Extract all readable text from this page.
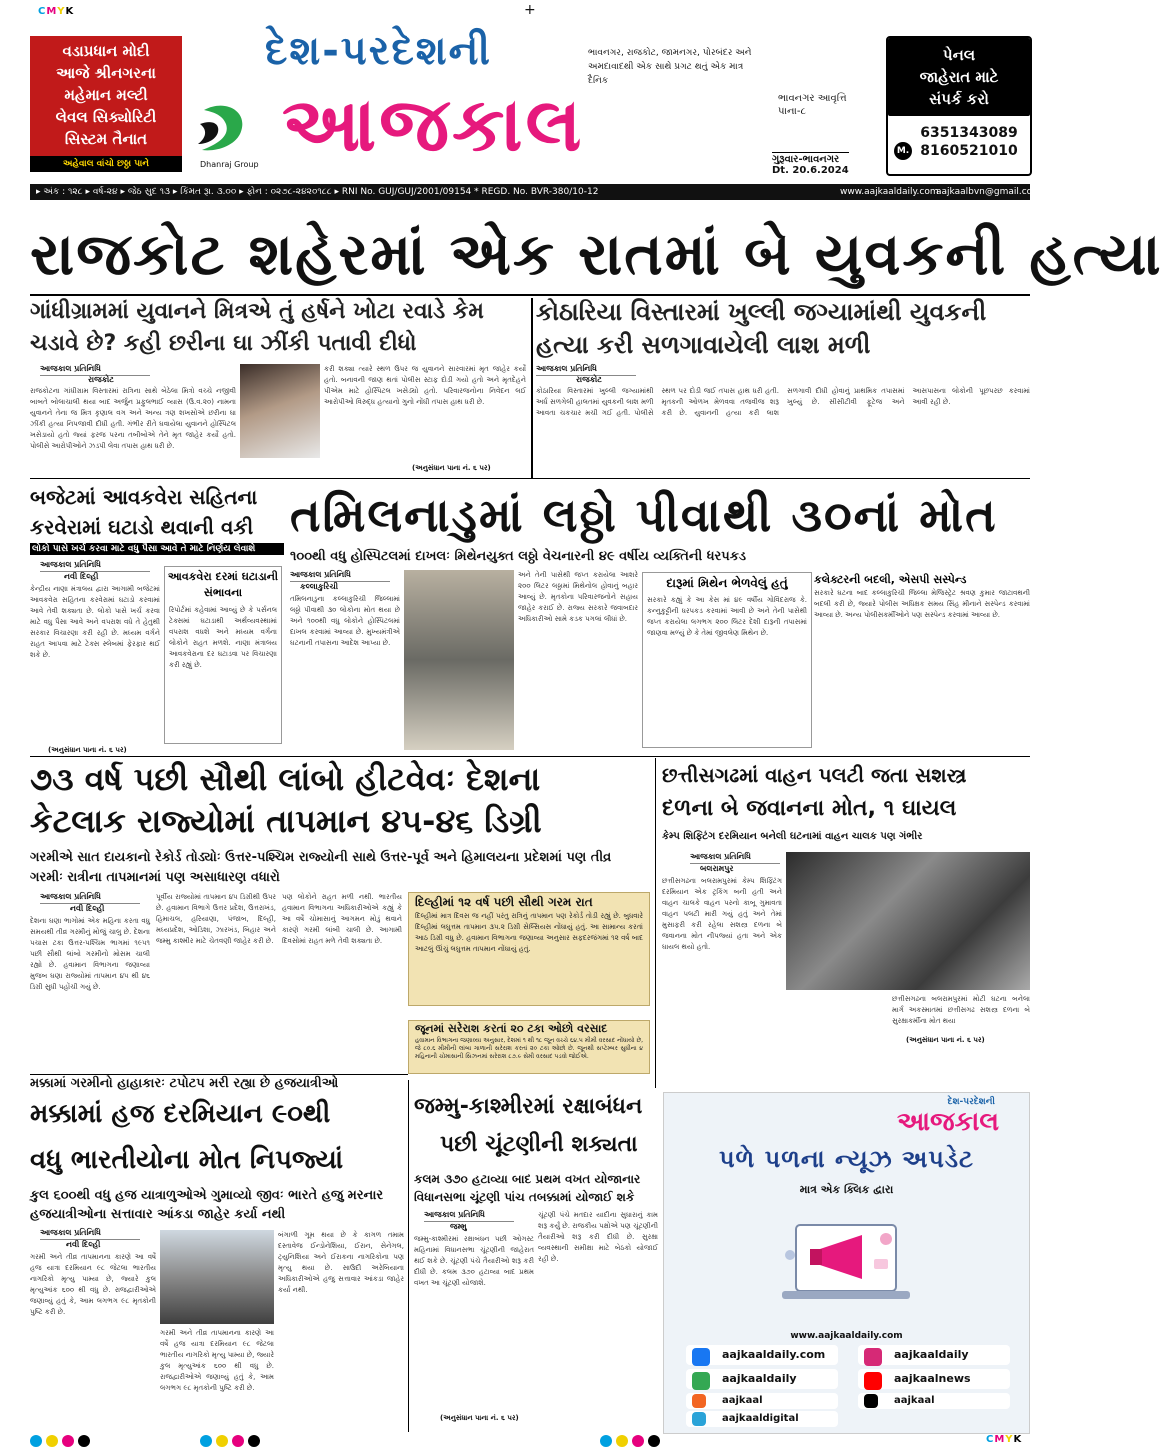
CMYK	+
વડાપ્રધાન મોદી
આજે શ્રીનગરના
મહેમાન મલ્ટી
લેવલ સિક્યોરિટી
સિસ્ટમ તૈનાત
અહેવાલ વાંચો છઠ્ઠા પાને	Dhanraj Group
દેશ-પરદેશની
આજકાલ
ભાવનગર, રાજકોટ, જામનગર, પોરબંદર અને અમદાવાદથી એક સાથે પ્રગટ થતું એક માત્ર દૈનિક
ભાવનગર આવૃત્તિ
પાના-૮
ગુરૂવાર-ભાવનગર
Dt. 20.6.2024
પેનલ
જાહેરાત માટે
સંપર્ક કરો
M.
6351343089
8160521010
▸ અંક : ૧૨૮ ▸ વર્ષ-૨૪ ▸ જેઠ સુદ ૧૩ ▸ કિંમત રૂા. ૩.૦૦ ▸ ફોન : ૦૨૭૮-૨૪૨૦૧૮૮ ▸ RNI No. GUJ/GUJ/2001/09154 * REGD. No. BVR-380/10-12	www.aajkaaldaily.com
aajkaalbvn@gmail.com
રાજકોટ શહેરમાં એક રાતમાં બે યુવકની હત્યા
ગાંધીગ્રામમાં યુવાનને મિત્રએ તું હર્ષને ખોટા રવાડે કેમ ચડાવે છે? કહી છરીના ઘા ઝીંકી પતાવી દીધો
કોઠારિયા વિસ્તારમાં ખુલ્લી જગ્યામાંથી યુવકની હત્યા કરી સળગાવાયેલી લાશ મળી
આજકાલ પ્રતિનિધિ
રાજકોટ
રાજકોટના ગાંધીગ્રામ વિસ્તારમાં રાત્રિના સાથે બેઠેલા મિત્રો વચ્ચે નજીવી બાબતે બોલાચાલી થયા બાદ અર્જુન પ્રફુલભાઈ વ્યાસ (ઉ.વ.૨૦) નામના યુવાનને તેના જ મિત્ર કૃણાલ વગ અને અન્ય ત્રણ શખસોએ છરીના ઘા ઝીંકી હત્યા નિપજાવી દીધી હતી. ગંભીર રીતે ઘવાયેલા યુવાનને હોસ્પિટલ ખસેડાયો હતો જ્યાં ફરજ પરના તબીબોએ તેને મૃત જાહેર કર્યો હતો. પોલીસે આરોપીઓને ઝડપી લેવા તપાસ હાથ ધરી છે.
કરી શક્યા ત્યારે સ્થળ ઉપર જ યુવાનને સારવારમાં મૃત જાહેર કર્યો હતો. બનાવની જાણ થતાં પોલીસ સ્ટાફ દોડી ગયો હતો અને મૃતદેહને પીએમ માટે હોસ્પિટલ ખસેડ્યો હતો. પરિવારજનોના નિવેદન લઈ આરોપીઓ વિરુદ્ધ હત્યાનો ગુનો નોંધી તપાસ હાથ ધરી છે.
(અનુસંધાન પાના નં. ૬ પર)
આજકાલ પ્રતિનિધિ
રાજકોટ
કોઠારિયા વિસ્તારમાં ખુલ્લી જગ્યામાંથી અર્ધ સળગેલી હાલતમાં યુવકની લાશ મળી આવતા ચકચાર મચી ગઈ હતી. પોલીસે સ્થળ પર દોડી જઈ તપાસ હાથ ધરી હતી. મૃતકની ઓળખ મેળવવા તજવીજ શરૂ કરી છે. યુવાનની હત્યા કરી લાશ સળગાવી દીધી હોવાનું પ્રાથમિક તપાસમાં ખુલ્યું છે. સીસીટીવી ફૂટેજ અને આસપાસના લોકોની પૂછપરછ કરવામાં આવી રહી છે.
બજેટમાં આવકવેરા સહિતના કરવેરામાં ઘટાડો થવાની વકી
લોકો પાસે ખર્ચ કરવા માટે વધુ પૈસા આવે તે માટે નિર્ણય લેવાશે
આજકાલ પ્રતિનિધિ
નવી દિલ્હી
કેન્દ્રીય નાણા મંત્રાલય દ્વારા આગામી બજેટમાં આવકવેરા સહિતના કરવેરામાં ઘટાડો કરવામાં આવે તેવી શક્યતા છે. લોકો પાસે ખર્ચ કરવા માટે વધુ પૈસા આવે અને વપરાશ વધે તે હેતુથી સરકાર વિચારણા કરી રહી છે. મધ્યમ વર્ગને રાહત આપવા માટે ટેક્સ સ્લેબમાં ફેરફાર થઈ શકે છે.
આવકવેરા દરમાં ઘટાડાની સંભાવના
રિપોર્ટમાં કહેવામાં આવ્યું છે કે પર્સનલ ટેક્સમાં ઘટાડાથી અર્થવ્યવસ્થામાં વપરાશ વધશે અને મધ્યમ વર્ગના લોકોને રાહત મળશે. નાણા મંત્રાલય આવકવેરાના દર ઘટાડવા પર વિચારણા કરી રહ્યું છે.
(અનુસંધાન પાના નં. ૬ પર)
તમિલનાડુમાં લઠ્ઠો પીવાથી ૩૦નાં મોત
૧૦૦થી વધુ હોસ્પિટલમાં દાખલઃ મિથેનયુક્ત લઠ્ઠો વેચનારની ૪૯ વર્ષીય વ્યક્તિની ધરપકડ
આજકાલ પ્રતિનિધિ
કલ્લાકુરિચી
તમિલનાડુના કલ્લાકુરિચી જિલ્લામાં લઠ્ઠો પીવાથી ૩૦ લોકોના મોત થયા છે અને ૧૦૦થી વધુ લોકોને હોસ્પિટલમાં દાખલ કરવામાં આવ્યા છે. મુખ્યમંત્રીએ ઘટનાની તપાસના આદેશ આપ્યા છે.
અને તેની પાસેથી જપ્ત કરાયેલા આશરે ૨૦૦ લિટર લઠ્ઠામાં મિથેનોલ હોવાનું બહાર આવ્યું છે. મૃતકોના પરિવારજનોને સહાય જાહેર કરાઈ છે. રાજ્ય સરકારે જવાબદાર અધિકારીઓ સામે કડક પગલાં લીધાં છે.
દારૂમાં મિથેન ભેળવેલું હતું
સરકારે કહ્યું કે આ કેસ માં ૪૯ વર્ષીય ગોવિંદરાજ કે. કન્નુકુટ્ટીની ધરપકડ કરવામાં આવી છે અને તેની પાસેથી જપ્ત કરાયેલા લગભગ ૨૦૦ લિટર દેશી દારૂની તપાસમાં જાણવા મળ્યું છે કે તેમાં જીવલેણ મિથેન છે.
કલેક્ટરની બદલી, એસપી સસ્પેન્ડ
સરકારે ઘટના બાદ કલ્લાકુરિચી જિલ્લા મેજિસ્ટ્રેટ શ્રવણ કુમાર જાટાવથની બદલી કરી છે, જ્યારે પોલીસ અધિક્ષક સમય સિંહ મીનાને સસ્પેન્ડ કરવામાં આવ્યા છે. અન્ય પોલીસકર્મીઓને પણ સસ્પેન્ડ કરવામાં આવ્યા છે.
૭૩ વર્ષ પછી સૌથી લાંબો હીટવેવઃ દેશના
કેટલાક રાજ્યોમાં તાપમાન ૪૫-૪૬ ડિગ્રી
ગરમીએ સાત દાયકાનો રેકોર્ડ તોડ્યોઃ ઉત્તર-પશ્ચિમ રાજ્યોની સાથે ઉત્તર-પૂર્વ અને હિમાલયના પ્રદેશમાં પણ તીવ્ર ગરમીઃ રાત્રીના તાપમાનમાં પણ અસાધારણ વધારો
આજકાલ પ્રતિનિધિ
નવી દિલ્હી
દેશના ઘણા ભાગોમાં એક મહિના કરતા વધુ સમયથી તીવ્ર ગરમીનું મોજું ચાલુ છે. દેશના પચાસ ટકા ઉત્તર-પશ્ચિમ ભાગમાં ૧૯૫૧ પછી સૌથી લાંબો ગરમીનો મોસમ ચાલી રહ્યો છે. હવામાન વિભાગના જણાવ્યા મુજબ ઘણા રાજ્યોમાં તાપમાન ૪૫ થી ૪૬ ડિગ્રી સુધી પહોંચી ગયું છે.
પૂર્વીય રાજ્યોમાં તાપમાન ૪૫ ડિગ્રીથી ઉપર છે. હવામાન વિભાગે ઉત્તર પ્રદેશ, ઉત્તરાખંડ, હિમાચલ, હરિયાણા, પંજાબ, દિલ્હી, મધ્યપ્રદેશ, ઓડિશા, ઝારખંડ, બિહાર અને જમ્મુ કાશ્મીર માટે ચેતવણી જાહેર કરી છે.
પણ લોકોને રાહત મળી નથી. ભારતીય હવામાન વિભાગના અધિકારીઓએ કહ્યું કે આ વર્ષે ચોમાસાનું આગમન મોડું થવાને કારણે ગરમી લાંબી ચાલી છે. આગામી દિવસોમાં રાહત મળે તેવી શક્યતા છે.
દિલ્હીમાં ૧૨ વર્ષ પછી સૌથી ગરમ રાત
દિલ્હીમાં માત્ર દિવસ જ નહીં પરંતુ રાત્રિનું તાપમાન પણ રેકોર્ડ તોડી રહ્યું છે. બુધવારે દિલ્હીમાં લઘુત્તમ તાપમાન ૩૫.૨ ડિગ્રી સેલ્સિયસ નોંધાયું હતું. આ સામાન્ય કરતાં આઠ ડિગ્રી વધુ છે. હવામાન વિભાગના જણાવ્યા અનુસાર સફદરજંગમાં ૧૨ વર્ષ બાદ આટલું ઊંચું લઘુત્તમ તાપમાન નોંધાયું હતું.
જૂનમાં સરેરાશ કરતાં ૨૦ ટકા ઓછો વરસાદ
હવામાન વિભાગના જણાવ્યા અનુસાર, દેશમાં ૧ થી ૧૮ જૂન વચ્ચે ૬૪.૫ મીમી વરસાદ નોંધાયો છે, જે ૮૦.૬ મીમીની લાંબા ગાળાની સરેરાશ કરતાં ૨૦ ટકા ઓછો છે. જૂનથી સપ્ટેમ્બર સુધીના ૪ મહિનાની ચોમાસાની સિઝનમાં સરેરાશ ૮૭.૯ સેમી વરસાદ પડવો જોઈએ.
મક્કામાં ગરમીનો હાહાકારઃ ટપોટપ મરી રહ્યા છે હજયાત્રીઓ
છત્તીસગઢમાં વાહન પલટી જતા સશસ્ત્ર
દળના બે જવાનના મોત, ૧ ઘાયલ
કેમ્પ શિફ્ટિંગ દરમિયાન બનેલી ઘટનામાં વાહન ચાલક પણ ગંભીર
આજકાલ પ્રતિનિધિ
બલરામપુર
છત્તીસગઢના બલરામપુરમાં કેમ્પ શિફ્ટિંગ દરમિયાન એક ટ્રકિંગ બની હતી અને વાહન ચાલકે વાહન પરનો કાબૂ ગુમાવતા વાહન પલટી મારી ગયું હતું અને તેમાં મુસાફરી કરી રહેલા સશસ્ત્ર દળના બે જવાનના મોત નીપજ્યાં હતા અને એક ઘાયલ થયો હતો.
છત્તીસગઢના બલરામપુરમાં મોટી ઘટના બનેલા માર્ગ અકસ્માતમાં છત્તીસગઢ સશસ્ત્ર દળના બે સુરક્ષાકર્મીના મોત થયા
(અનુસંધાન પાના નં. ૬ પર)
મક્કામાં હજ દરમિયાન ૯૦થી
વધુ ભારતીયોના મોત નિપજ્યાં
કુલ ૬૦૦થી વધુ હજ યાત્રાળુઓએ ગુમાવ્યો જીવઃ ભારતે હજુ મરનાર હજયાત્રીઓના સત્તાવાર આંકડા જાહેર કર્યા નથી
આજકાલ પ્રતિનિધિ
નવી દિલ્હી
ગરમી અને તીવ્ર તાપમાનના કારણે આ વર્ષે હજ યાત્રા દરમિયાન ૯૮ જેટલા ભારતીય નાગરિકો મૃત્યુ પામ્યા છે, જ્યારે કુલ મૃત્યુઆંક ૬૦૦ થી વધુ છે. રાજદ્વારીઓએ જણાવ્યું હતું કે, આમ લગભગ ૯૮ મૃતકોની પુષ્ટિ કરી છે.
બંગાળી ગૂમ થયા છે કે કાગળ તમામ દસ્તાવેજ ઈન્ડોનેશિયા, ઈરાન, સેનેગલ, ટ્યુનિશિયા અને ઈરાકના નાગરિકોના પણ મૃત્યુ થયા છે. સાઉદી અરેબિયાના અધિકારીઓએ હજુ સત્તાવાર આંકડા જાહેર કર્યા નથી.
ગરમી અને તીવ્ર તાપમાનના કારણે આ વર્ષે હજ યાત્રા દરમિયાન ૯૮ જેટલા ભારતીય નાગરિકો મૃત્યુ પામ્યા છે, જ્યારે કુલ મૃત્યુઆંક ૬૦૦ થી વધુ છે. રાજદ્વારીઓએ જણાવ્યું હતું કે, આમ લગભગ ૯૮ મૃતકોની પુષ્ટિ કરી છે.
જમ્મુ-કાશ્મીરમાં રક્ષાબંધન
પછી ચૂંટણીની શક્યતા
કલમ ૩૭૦ હટાવ્યા બાદ પ્રથમ વખત યોજાનાર વિધાનસભા ચૂંટણી પાંચ તબક્કામાં યોજાઈ શકે
આજકાલ પ્રતિનિધિ
જમ્મુ
જમ્મુ-કાશ્મીરમાં રક્ષાબંધન પછી ઓગસ્ટ મહિનામાં વિધાનસભા ચૂંટણીની જાહેરાત થઈ શકે છે. ચૂંટણી પંચે તૈયારીઓ શરૂ કરી દીધી છે. કલમ ૩૭૦ હટાવ્યા બાદ પ્રથમ વખત આ ચૂંટણી યોજાશે.
ચૂંટણી પંચે મતદાર યાદીના સુધારાનું કામ શરૂ કર્યું છે. રાજકીય પક્ષોએ પણ ચૂંટણીની તૈયારીઓ શરૂ કરી દીધી છે. સુરક્ષા વ્યવસ્થાની સમીક્ષા માટે બેઠકો યોજાઈ રહી છે.
(અનુસંધાન પાના નં. ૬ પર)
દેશ-પરદેશની
આજકાલ
પળે પળના ન્યૂઝ અપડેટ
માત્ર એક ક્લિક દ્વારા
www.aajkaaldaily.com
aajkaaldaily.com	aajkaaldaily
aajkaaldaily	aajkaalnews
aajkaal	aajkaal
aajkaaldigital
CMYK
